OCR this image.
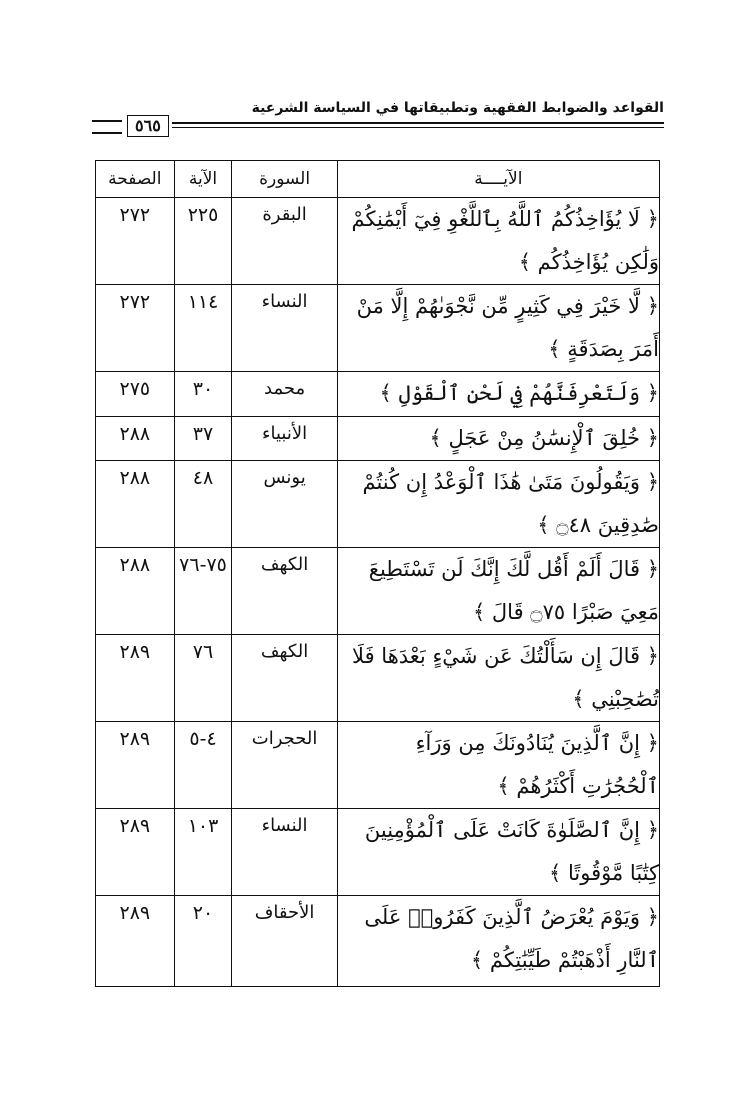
القواعد والضوابط الفقهية وتطبيقاتها في السياسة الشرعية
٥٦٥
الآيــــة	السورة	الآية	الصفحة
﴿ لَا يُؤَاخِذُكُمُ ٱللَّهُ بِٱللَّغْوِ فِيٓ أَيْمَٰنِكُمْ وَلَٰكِن يُؤَاخِذُكُم ﴾	البقرة	٢٢٥	٢٧٢
﴿ لَّا خَيْرَ فِي كَثِيرٍ مِّن نَّجْوَىٰهُمْ إِلَّا مَنْ أَمَرَ بِصَدَقَةٍ ﴾	النساء	١١٤	٢٧٢
﴿ وَلَتَعْرِفَنَّهُمْ فِي لَحْنِ ٱلْقَوْلِ ﴾	محمد	٣٠	٢٧٥
﴿ خُلِقَ ٱلْإِنسَٰنُ مِنْ عَجَلٍ ﴾	الأنبياء	٣٧	٢٨٨
﴿ وَيَقُولُونَ مَتَىٰ هَٰذَا ٱلْوَعْدُ إِن كُنتُمْ صَٰدِقِينَ ۝٤٨ ﴾	يونس	٤٨	٢٨٨
﴿ قَالَ أَلَمْ أَقُل لَّكَ إِنَّكَ لَن تَسْتَطِيعَ مَعِيَ صَبْرًا ۝٧٥ قَالَ ﴾	الكهف	٧٥-٧٦	٢٨٨
﴿ قَالَ إِن سَأَلْتُكَ عَن شَيْءٍ بَعْدَهَا فَلَا تُصَٰحِبْنِي ﴾	الكهف	٧٦	٢٨٩
﴿ إِنَّ ٱلَّذِينَ يُنَادُونَكَ مِن وَرَآءِ ٱلْحُجُرَٰتِ أَكْثَرُهُمْ ﴾	الحجرات	٤-٥	٢٨٩
﴿ إِنَّ ٱلصَّلَوٰةَ كَانَتْ عَلَى ٱلْمُؤْمِنِينَ كِتَٰبًا مَّوْقُوتًا ﴾	النساء	١٠٣	٢٨٩
﴿ وَيَوْمَ يُعْرَضُ ٱلَّذِينَ كَفَرُوا۟ عَلَى ٱلنَّارِ أَذْهَبْتُمْ طَيِّبَٰتِكُمْ ﴾	الأحقاف	٢٠	٢٨٩
